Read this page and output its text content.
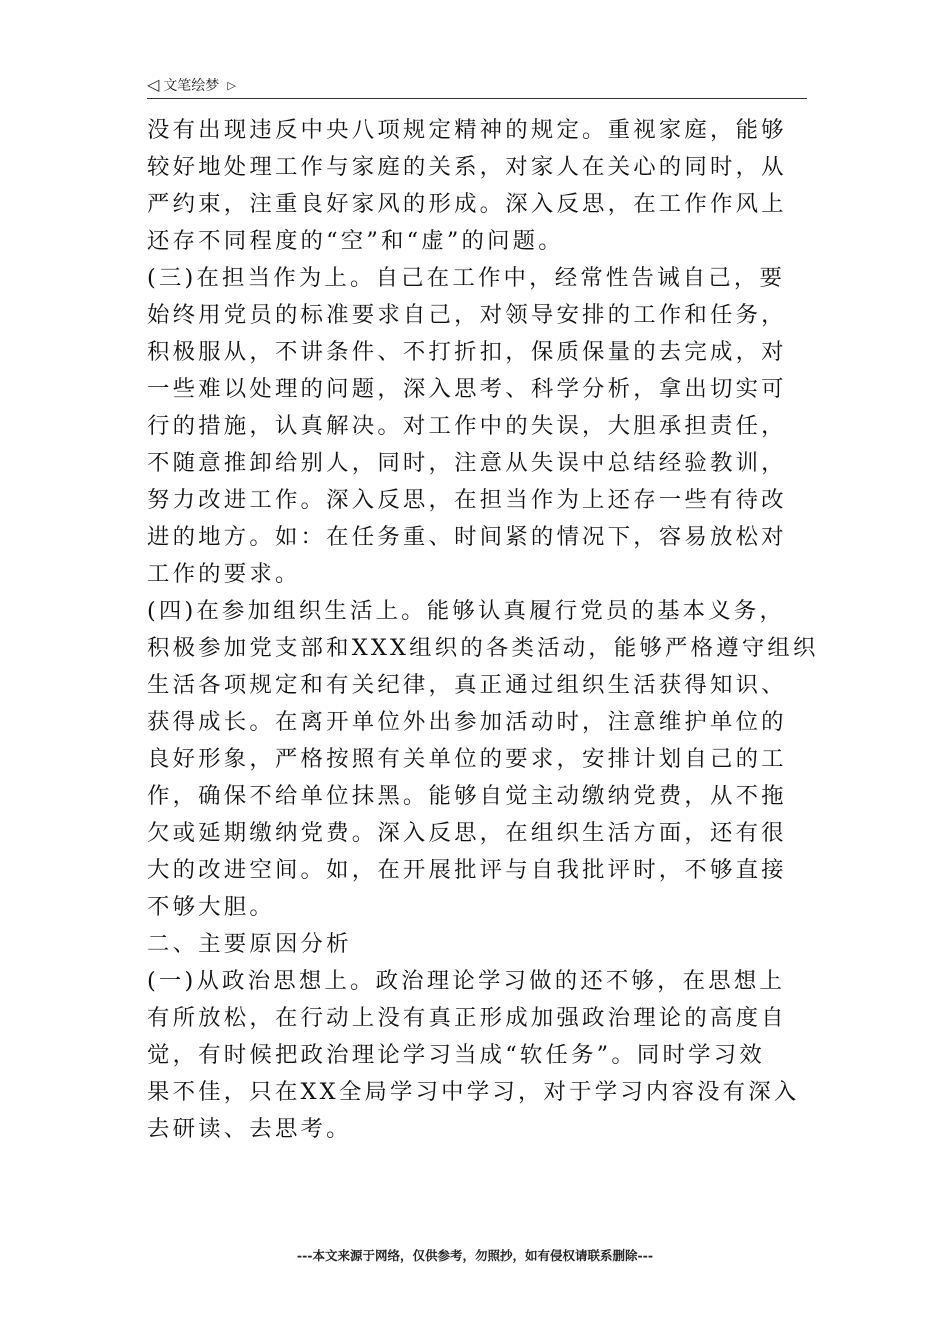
◁ 文笔绘梦 ▷
没有出现违反中央八项规定精神的规定。重视家庭，能够
较好地处理工作与家庭的关系，对家人在关心的同时，从
严约束，注重良好家风的形成。深入反思，在工作作风上
还存不同程度的“空”和“虚”的问题。
(三)在担当作为上。自己在工作中，经常性告诫自己，要
始终用党员的标准要求自己，对领导安排的工作和任务，
积极服从，不讲条件、不打折扣，保质保量的去完成，对
一些难以处理的问题，深入思考、科学分析，拿出切实可
行的措施，认真解决。对工作中的失误，大胆承担责任，
不随意推卸给别人，同时，注意从失误中总结经验教训，
努力改进工作。深入反思，在担当作为上还存一些有待改
进的地方。如：在任务重、时间紧的情况下，容易放松对
工作的要求。
(四)在参加组织生活上。能够认真履行党员的基本义务，
积极参加党支部和XXX组织的各类活动，能够严格遵守组织
生活各项规定和有关纪律，真正通过组织生活获得知识、
获得成长。在离开单位外出参加活动时，注意维护单位的
良好形象，严格按照有关单位的要求，安排计划自己的工
作，确保不给单位抹黑。能够自觉主动缴纳党费，从不拖
欠或延期缴纳党费。深入反思，在组织生活方面，还有很
大的改进空间。如，在开展批评与自我批评时，不够直接
不够大胆。
二、主要原因分析
(一)从政治思想上。政治理论学习做的还不够，在思想上
有所放松，在行动上没有真正形成加强政治理论的高度自
觉，有时候把政治理论学习当成“软任务”。同时学习效
果不佳，只在XX全局学习中学习，对于学习内容没有深入
去研读、去思考。
---本文来源于网络，仅供参考，勿照抄，如有侵权请联系删除---
